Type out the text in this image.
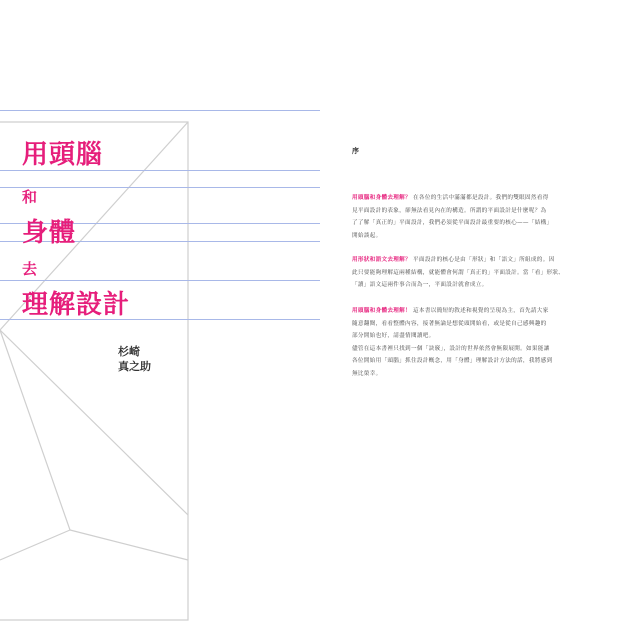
用頭腦

和

身體

去

理解設計

杉崎
真之助
序

用頭腦和身體去理解？ 在各位的生活中滿滿都是設計。我們的雙眼固然看得
見平面設計的表象，卻無法看見內在的構造。所謂的平面設計是什麼呢？為
了了解「真正的」平面設計，我們必須從平面設計最重要的核心——「結構」
開始談起。

用形狀和語文去理解？ 平面設計的核心是由「形狀」和「語文」所組成的。因
此只要能夠理解這兩種結構，就能體會何謂「真正的」平面設計。當「看」形狀、
「讀」語文這兩件事合而為一，平面設計就會成立。

用頭腦和身體去理解！ 這本書以簡短的敘述和視覺的呈現為主，首先請大家
隨意翻閱，看看整體內容，接著無論是想從頭開始看，或是從自己感興趣的
部分開始也好，請盡情閱讀吧。
儘管在這本書裡只找到一個「訣竅」，設計的世界依然會無限展開。如果能讓
各位開始用「頭腦」抓住設計概念，用「身體」理解設計方法的話，我將感到
無比榮幸。
